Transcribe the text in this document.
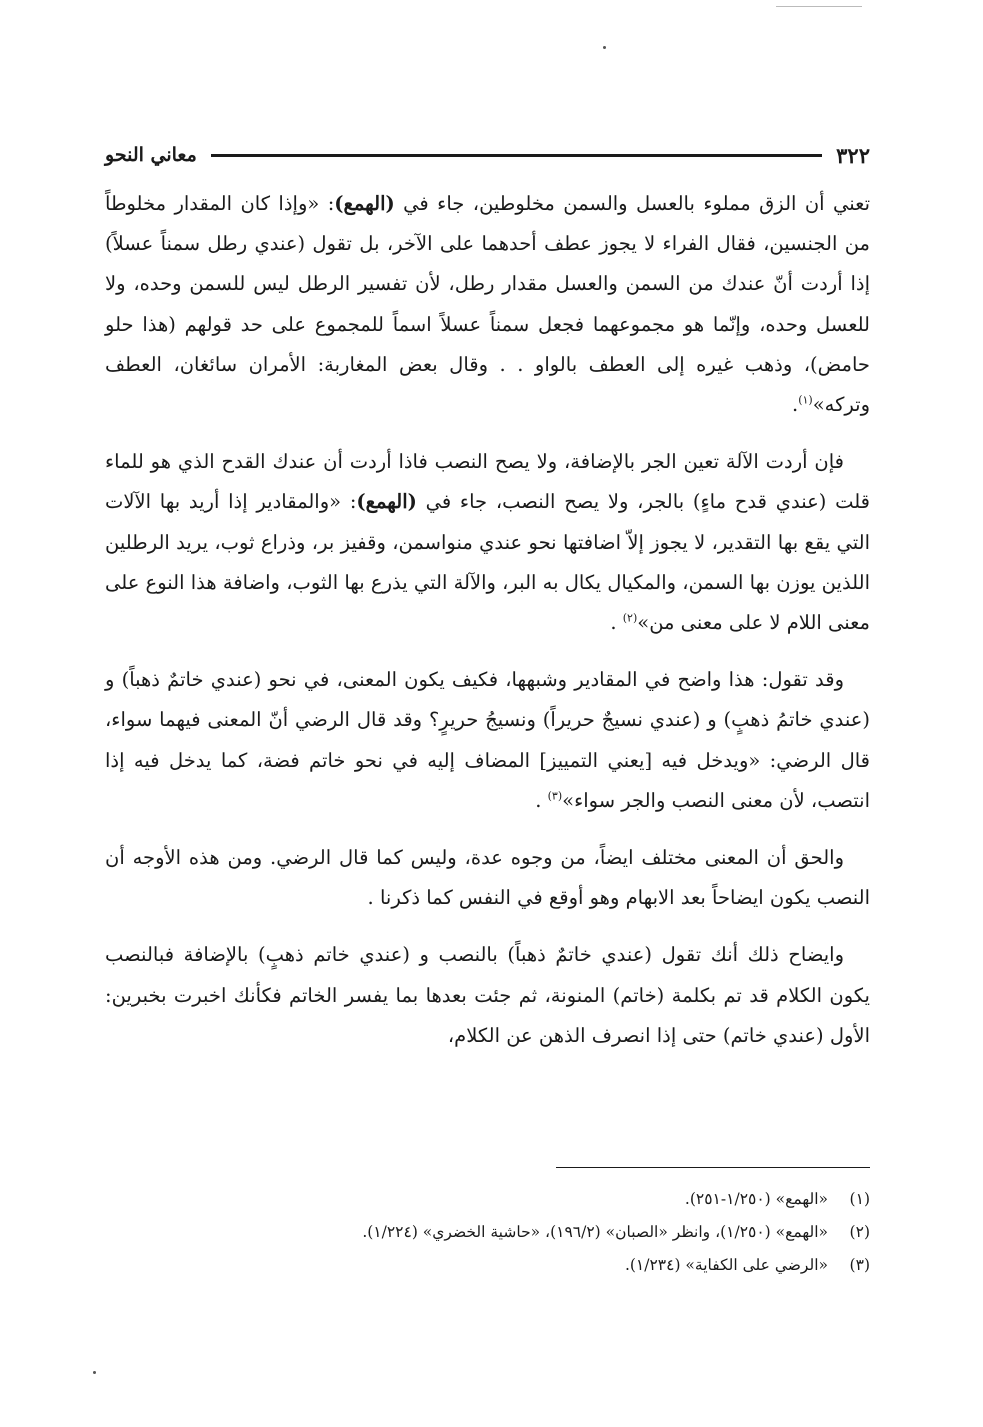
٣٢٢
معاني النحو

تعني أن الزق مملوء بالعسل والسمن مخلوطين، جاء في (الهمع): «وإذا كان المقدار مخلوطاً من الجنسين، فقال الفراء لا يجوز عطف أحدهما على الآخر، بل تقول (عندي رطل سمناً عسلاً) إذا أردت أنّ عندك من السمن والعسل مقدار رطل، لأن تفسير الرطل ليس للسمن وحده، ولا للعسل وحده، وإنّما هو مجموعهما فجعل سمناً عسلاً اسماً للمجموع على حد قولهم (هذا حلو حامض)، وذهب غيره إلى العطف بالواو . . وقال بعض المغاربة: الأمران سائغان، العطف وتركه»$^{(١)}$.

فإن أردت الآلة تعين الجر بالإضافة، ولا يصح النصب فاذا أردت أن عندك القدح الذي هو للماء قلت (عندي قدح ماءٍ) بالجر، ولا يصح النصب، جاء في (الهمع): «والمقادير إذا أريد بها الآلات التي يقع بها التقدير، لا يجوز إلاّ اضافتها نحو عندي منواسمن، وقفيز بر، وذراع ثوب، يريد الرطلين اللذين يوزن بها السمن، والمكيال يكال به البر، والآلة التي يذرع بها الثوب، واضافة هذا النوع على معنى اللام لا على معنى من»$^{(٢)}$ .

وقد تقول: هذا واضح في المقادير وشبهها، فكيف يكون المعنى، في نحو (عندي خاتمٌ ذهباً) و (عندي خاتمُ ذهبٍ) و (عندي نسيجٌ حريراً) ونسيجُ حريرٍ؟ وقد قال الرضي أنّ المعنى فيهما سواء، قال الرضي: «ويدخل فيه [يعني التمييز] المضاف إليه في نحو خاتم فضة، كما يدخل فيه إذا انتصب، لأن معنى النصب والجر سواء»$^{(٣)}$ .

والحق أن المعنى مختلف ايضاً، من وجوه عدة، وليس كما قال الرضي. ومن هذه الأوجه أن النصب يكون ايضاحاً بعد الابهام وهو أوقع في النفس كما ذكرنا .

وايضاح ذلك أنك تقول (عندي خاتمٌ ذهباً) بالنصب و (عندي خاتم ذهبٍ) بالإضافة فبالنصب يكون الكلام قد تم بكلمة (خاتم) المنونة، ثم جئت بعدها بما يفسر الخاتم فكأنك اخبرت بخبرين: الأول (عندي خاتم) حتى إذا انصرف الذهن عن الكلام،

(١)«الهمع» (١/٢٥٠-٢٥١).
(٢)«الهمع» (١/٢٥٠)، وانظر «الصبان» (١٩٦/٢)، «حاشية الخضري» (١/٢٢٤).
(٣)«الرضي على الكفاية» (١/٢٣٤).
